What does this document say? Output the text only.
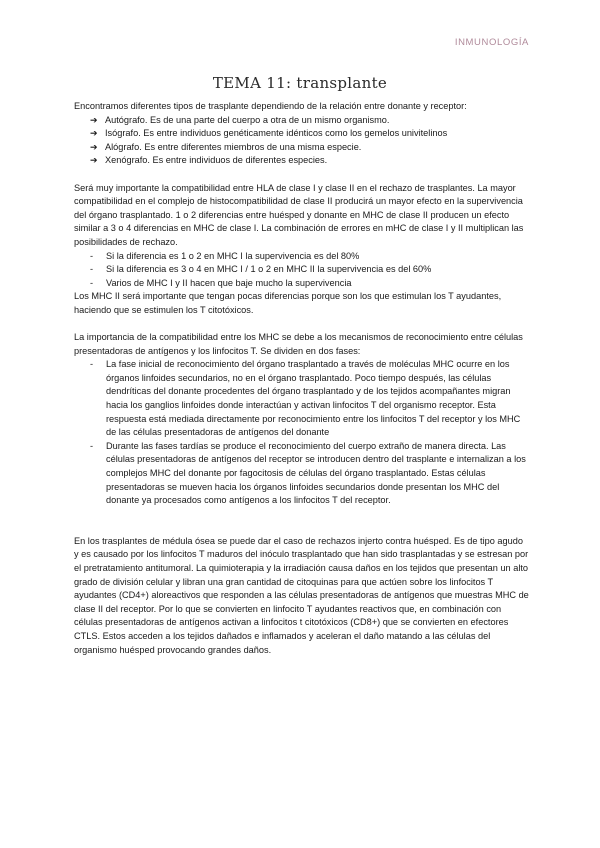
INMUNOLOGÍA
TEMA 11: transplante

Encontramos diferentes tipos de trasplante dependiendo de la relación entre donante y receptor:

➔ Autógrafo. Es de una parte del cuerpo a otra de un mismo organismo.
➔ Isógrafo. Es entre individuos genéticamente idénticos como los gemelos univitelinos
➔ Alógrafo. Es entre diferentes miembros de una misma especie.
➔ Xenógrafo. Es entre individuos de diferentes especies.

Será muy importante la compatibilidad entre HLA de clase I y clase II en el rechazo de trasplantes. La mayor compatibilidad en el complejo de histocompatibilidad de clase II producirá un mayor efecto en la supervivencia del órgano trasplantado. 1 o 2 diferencias entre huésped y donante en MHC de clase II producen un efecto similar a 3 o 4 diferencias en MHC de clase I. La combinación de errores en mHC de clase I y II multiplican las posibilidades de rechazo.

- Si la diferencia es 1 o 2 en MHC I la supervivencia es del 80%
- Si la diferencia es 3 o 4 en MHC I / 1 o 2 en MHC II la supervivencia es del 60%
- Varios de MHC I y II hacen que baje mucho la supervivencia

Los MHC II será importante que tengan pocas diferencias porque son los que estimulan los T ayudantes, haciendo que se estimulen los T citotóxicos.

La importancia de la compatibilidad entre los MHC se debe a los mecanismos de reconocimiento entre células presentadoras de antígenos y los linfocitos T. Se dividen en dos fases:

- La fase inicial de reconocimiento del órgano trasplantado a través de moléculas MHC ocurre en los órganos linfoides secundarios, no en el órgano trasplantado. Poco tiempo después, las células dendríticas del donante procedentes del órgano trasplantado y de los tejidos acompañantes migran hacia los ganglios linfoides donde interactúan y activan linfocitos T del organismo receptor. Esta respuesta está mediada directamente por reconocimiento entre los linfocitos T del receptor y los MHC de las células presentadoras de antígenos del donante
- Durante las fases tardías se produce el reconocimiento del cuerpo extraño de manera directa. Las células presentadoras de antígenos del receptor se introducen dentro del trasplante e internalizan a los complejos MHC del donante por fagocitosis de células del órgano trasplantado. Estas células presentadoras se mueven hacia los órganos linfoides secundarios donde presentan los MHC del donante ya procesados como antígenos a los linfocitos T del receptor.

En los trasplantes de médula ósea se puede dar el caso de rechazos injerto contra huésped. Es de tipo agudo y es causado por los linfocitos T maduros del inóculo trasplantado que han sido trasplantadas y se estresan por el pretratamiento antitumoral. La quimioterapia y la irradiación causa daños en los tejidos que presentan un alto grado de división celular y libran una gran cantidad de citoquinas para que actúen sobre los linfocitos T ayudantes (CD4+) aloreactivos que responden a las células presentadoras de antígenos que muestras MHC de clase II del receptor. Por lo que se convierten en linfocito T ayudantes reactivos que, en combinación con células presentadoras de antígenos activan a linfocitos t citotóxicos (CD8+) que se convierten en efectores CTLS. Estos acceden a los tejidos dañados e inflamados y aceleran el daño matando a las células del organismo huésped provocando grandes daños.
